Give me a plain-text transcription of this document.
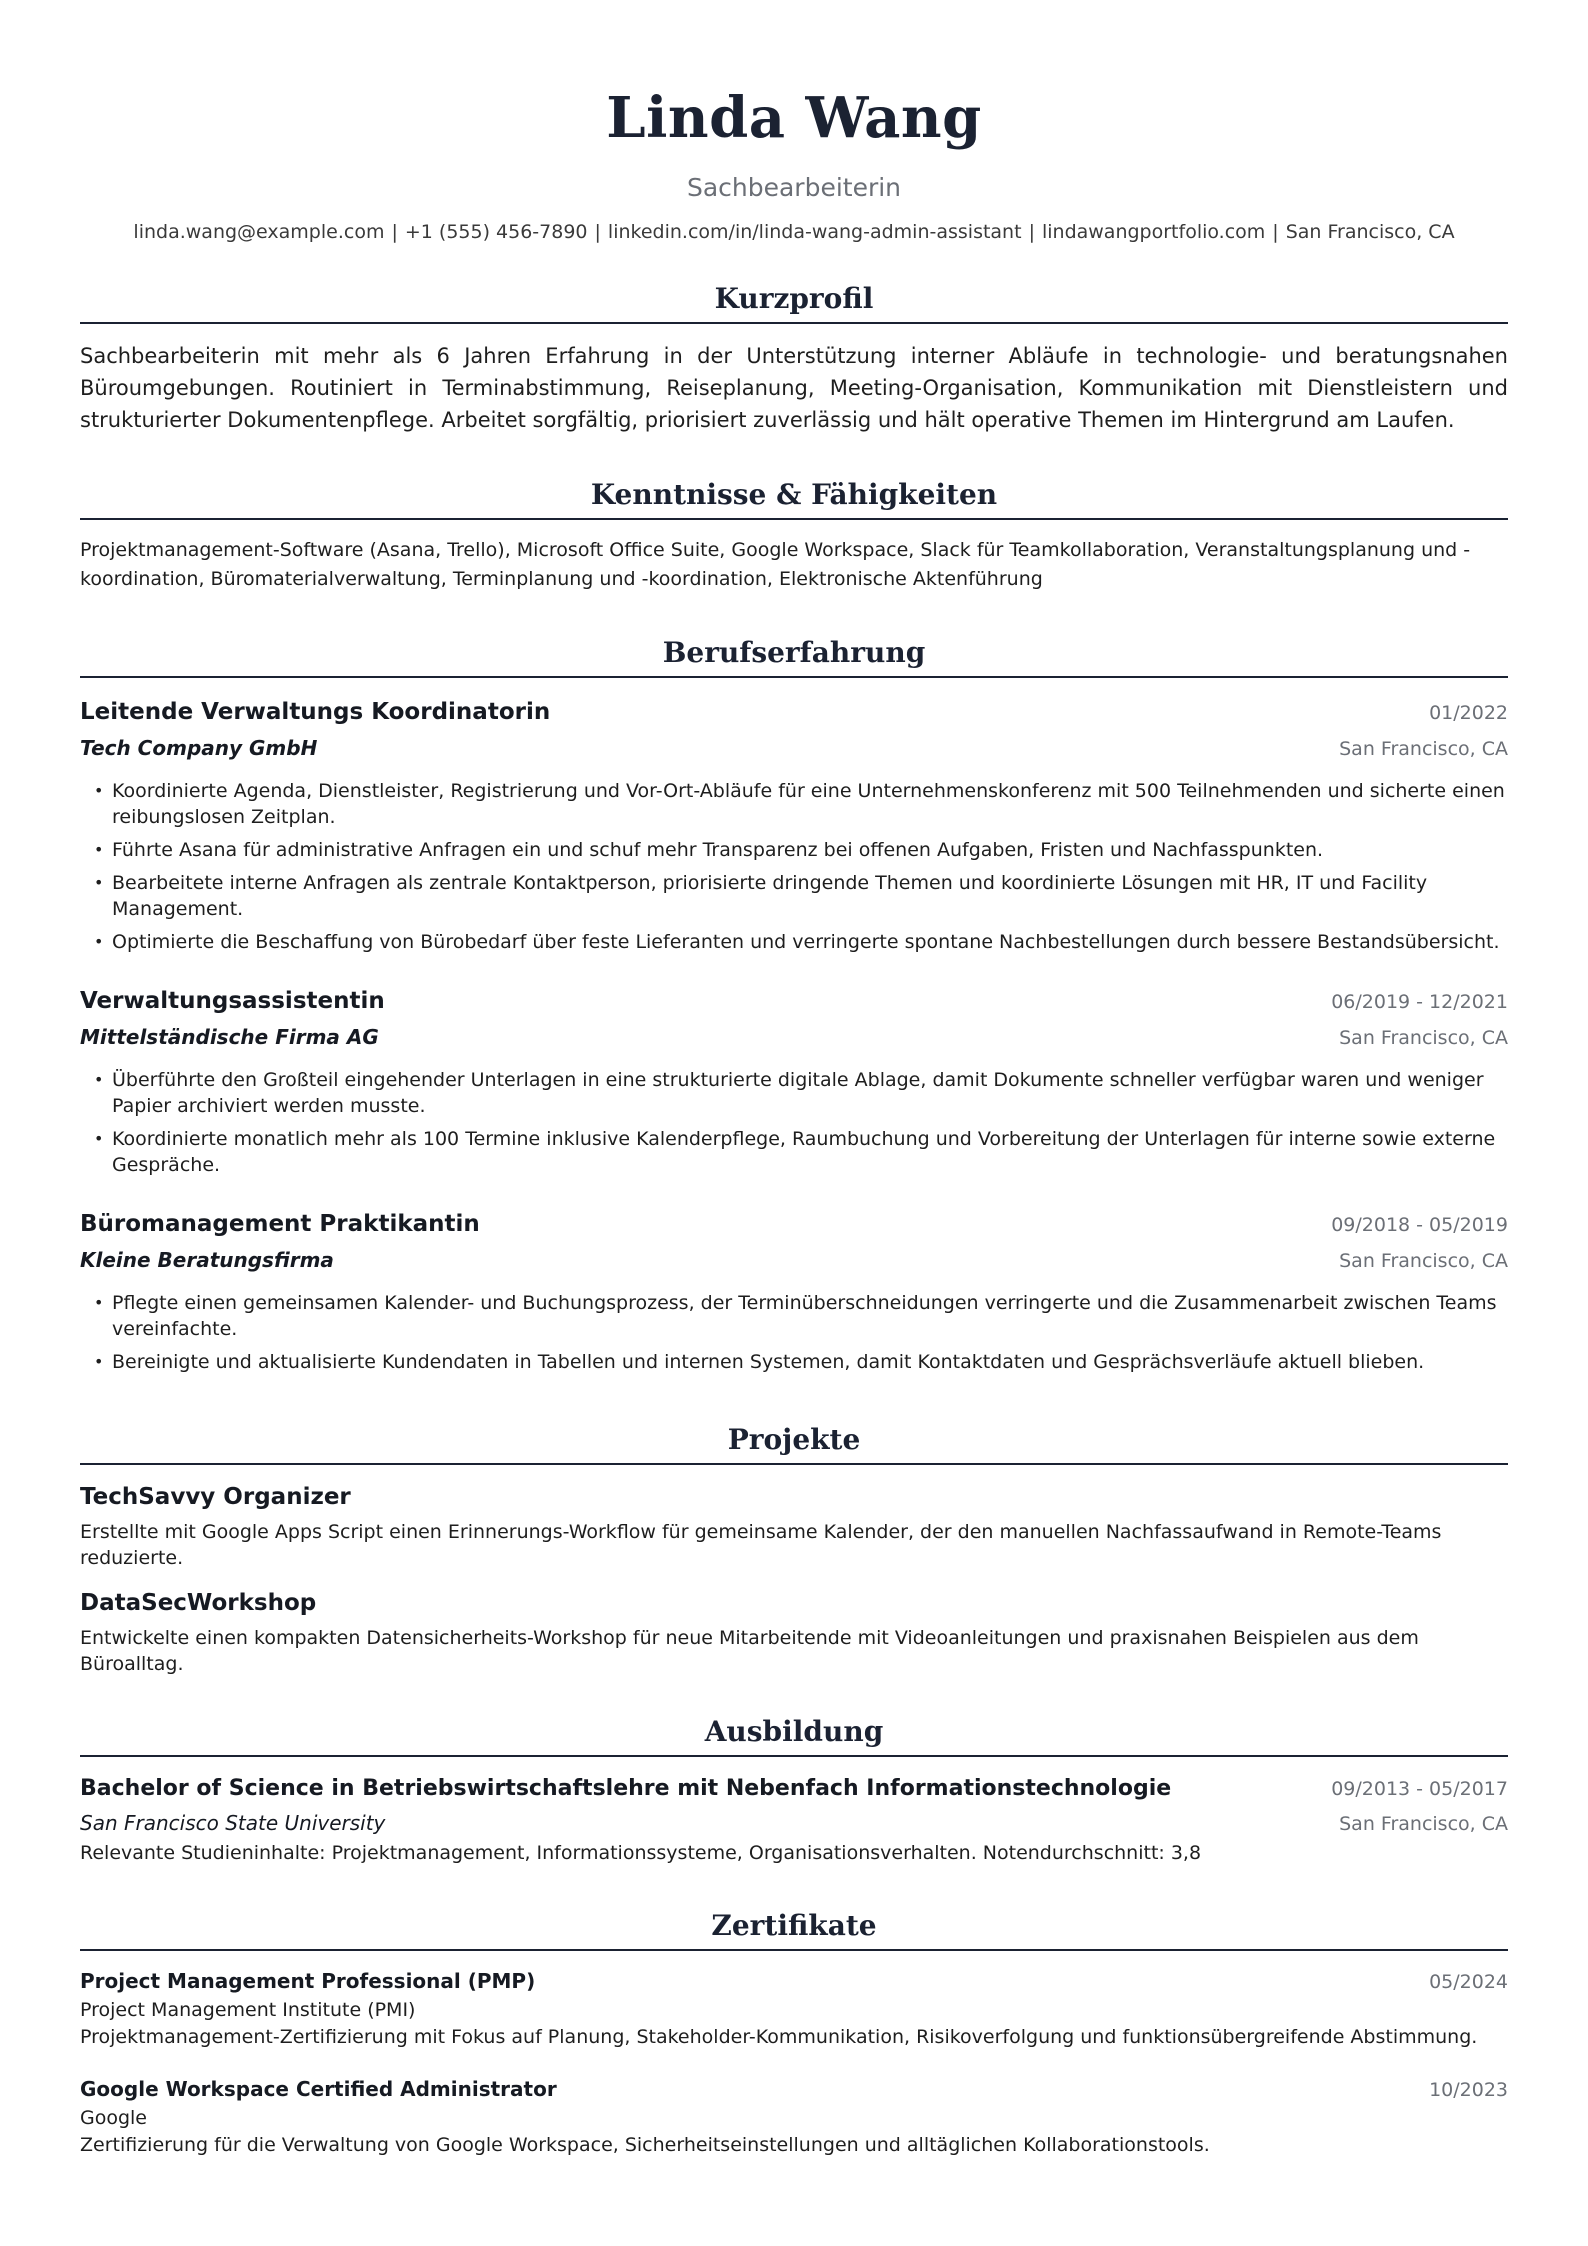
Linda Wang
Sachbearbeiterin
linda.wang@example.com | +1 (555) 456-7890 | linkedin.com/in/linda-wang-admin-assistant | lindawangportfolio.com | San Francisco, CA
Kurzprofil

Sachbearbeiterin mit mehr als 6 Jahren Erfahrung in der Unterstützung interner Abläufe in technologie- und beratungsnahen Büroumgebungen. Routiniert in Terminabstimmung, Reiseplanung, Meeting-Organisation, Kommunikation mit Dienstleistern und strukturierter Dokumentenpflege. Arbeitet sorgfältig, priorisiert zuverlässig und hält operative Themen im Hintergrund am Laufen.

Kenntnisse & Fähigkeiten

Projektmanagement-Software (Asana, Trello), Microsoft Office Suite, Google Workspace, Slack für Teamkollaboration, Veranstaltungsplanung und -koordination, Büromaterialverwaltung, Terminplanung und -koordination, Elektronische Aktenführung

Berufserfahrung
Leitende Verwaltungs Koordinatorin	01/2022
Tech Company GmbH	San Francisco, CA
• Koordinierte Agenda, Dienstleister, Registrierung und Vor-Ort-Abläufe für eine Unternehmenskonferenz mit 500 Teilnehmenden und sicherte einen reibungslosen Zeitplan.
• Führte Asana für administrative Anfragen ein und schuf mehr Transparenz bei offenen Aufgaben, Fristen und Nachfasspunkten.
• Bearbeitete interne Anfragen als zentrale Kontaktperson, priorisierte dringende Themen und koordinierte Lösungen mit HR, IT und Facility Management.
• Optimierte die Beschaffung von Bürobedarf über feste Lieferanten und verringerte spontane Nachbestellungen durch bessere Bestandsübersicht.
Verwaltungsassistentin	06/2019 - 12/2021
Mittelständische Firma AG	San Francisco, CA
• Überführte den Großteil eingehender Unterlagen in eine strukturierte digitale Ablage, damit Dokumente schneller verfügbar waren und weniger Papier archiviert werden musste.
• Koordinierte monatlich mehr als 100 Termine inklusive Kalenderpflege, Raumbuchung und Vorbereitung der Unterlagen für interne sowie externe Gespräche.
Büromanagement Praktikantin	09/2018 - 05/2019
Kleine Beratungsfirma	San Francisco, CA
• Pflegte einen gemeinsamen Kalender- und Buchungsprozess, der Terminüberschneidungen verringerte und die Zusammenarbeit zwischen Teams vereinfachte.
• Bereinigte und aktualisierte Kundendaten in Tabellen und internen Systemen, damit Kontaktdaten und Gesprächsverläufe aktuell blieben.
Projekte
TechSavvy Organizer

Erstellte mit Google Apps Script einen Erinnerungs-Workflow für gemeinsame Kalender, der den manuellen Nachfassaufwand in Remote-Teams reduzierte.

DataSecWorkshop

Entwickelte einen kompakten Datensicherheits-Workshop für neue Mitarbeitende mit Videoanleitungen und praxisnahen Beispielen aus dem Büroalltag.

Ausbildung
Bachelor of Science in Betriebswirtschaftslehre mit Nebenfach Informationstechnologie	09/2013 - 05/2017
San Francisco State University	San Francisco, CA

Relevante Studieninhalte: Projektmanagement, Informationssysteme, Organisationsverhalten. Notendurchschnitt: 3,8

Zertifikate
Project Management Professional (PMP)	05/2024
Project Management Institute (PMI)
Projektmanagement-Zertifizierung mit Fokus auf Planung, Stakeholder-Kommunikation, Risikoverfolgung und funktionsübergreifende Abstimmung.
Google Workspace Certified Administrator	10/2023
Google
Zertifizierung für die Verwaltung von Google Workspace, Sicherheitseinstellungen und alltäglichen Kollaborationstools.
